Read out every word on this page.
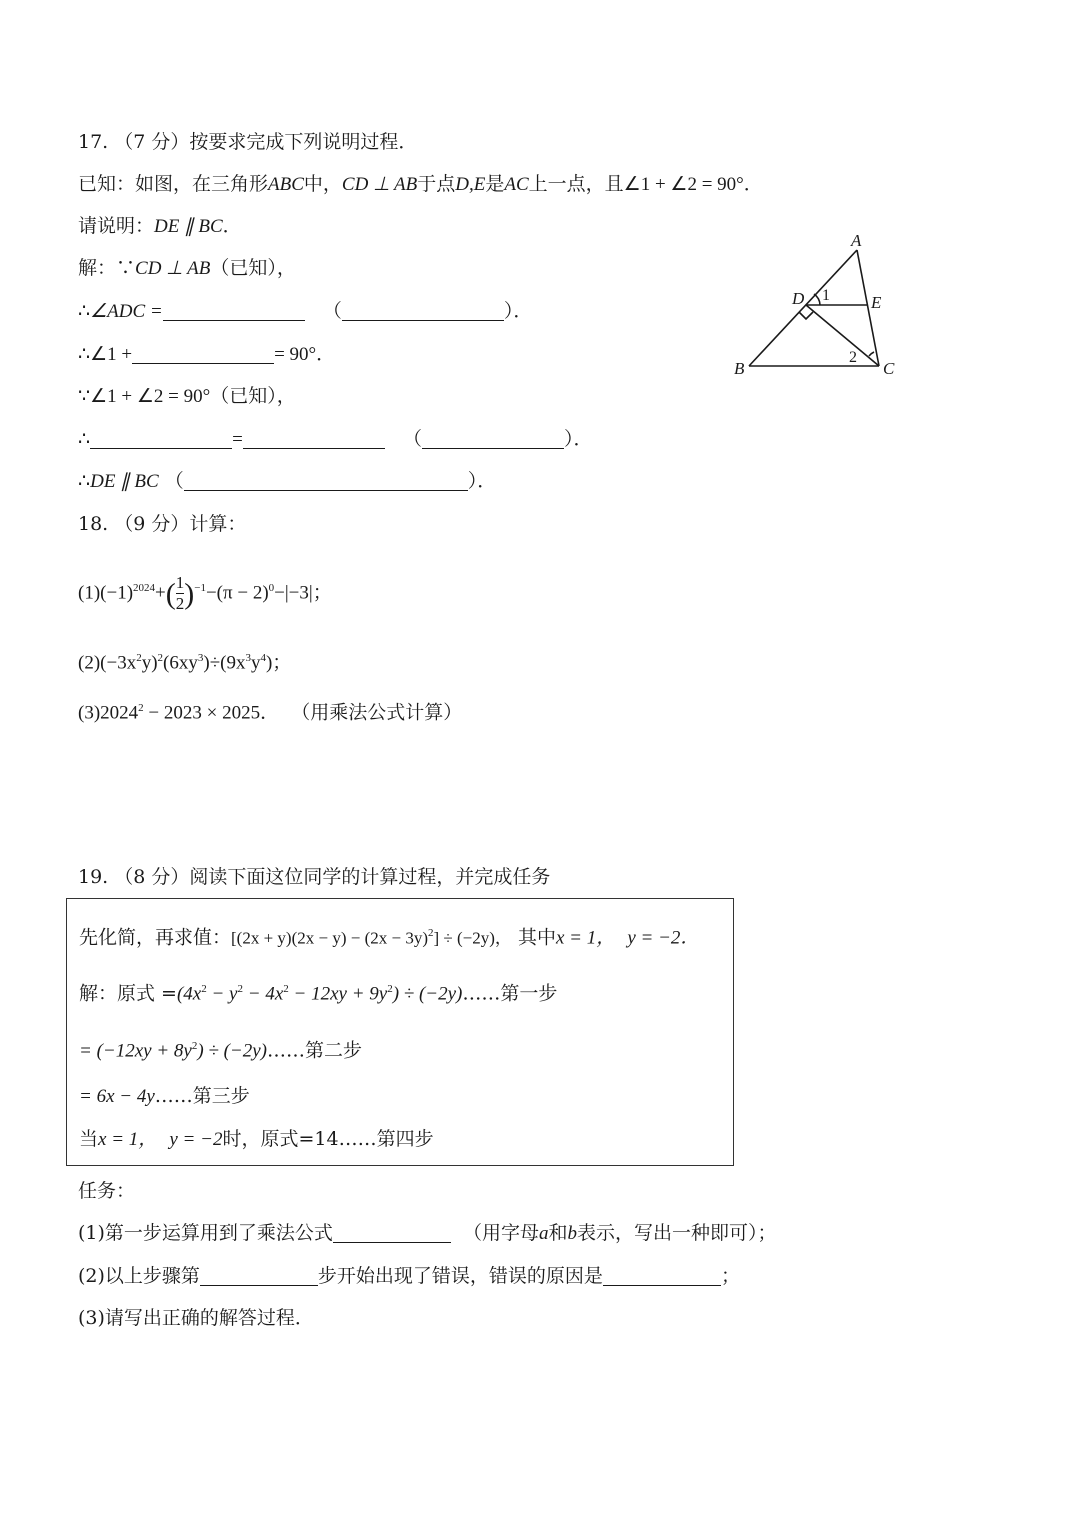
17. （7 分）按要求完成下列说明过程．
已知：如图，在三角形ABC中，CD ⊥ AB于点D,E是AC上一点，且∠1 + ∠2 = 90°．
请说明：DE ∥ BC．
解：∵CD ⊥ AB（已知），
∴∠ADC =	（	）．
∴∠1 +	= 90°．
∵∠1 + ∠2 = 90°（已知），
∴	=	（	）．
∴DE ∥ BC （	）．
A
D	E
B	C
1
2
18. （9 分）计算：
$(1)(-1)^{2024}+( \frac{1}{2} )^{-1}-(\pi - 2)^0-|-3|$；
$(2)(-3x^2y)^2(6xy^3)\div(9x^3y^4)$；
$(3)2024^2 - 2023 \times 2025$． （用乘法公式计算）
19. （8 分）阅读下面这位同学的计算过程，并完成任务
先化简，再求值：$[(2x + y)(2x - y) - (2x - 3y)^2] \div (-2y)$， 其中x = 1， y = −2．
解：原式 $=(4x^2 - y^2 - 4x^2 - 12xy + 9y^2)$ ÷ (−2y)……第一步
= $(-12xy + 8y^2)$ ÷ (−2y)……第二步
= 6x − 4y……第三步
当x = 1， y = −2时，原式=14……第四步
任务：
(1)第一步运算用到了乘法公式	（用字母a和b表示，写出一种即可）；
(2)以上步骤第	步开始出现了错误，错误的原因是	；
(3)请写出正确的解答过程．
